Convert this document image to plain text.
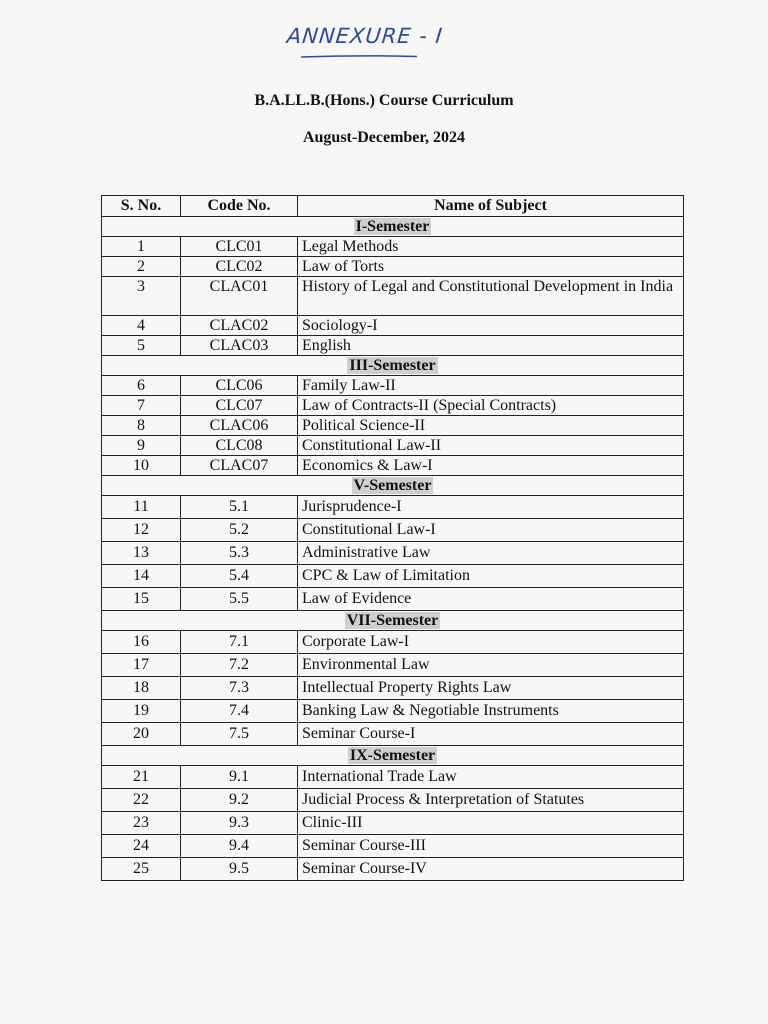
ANNEXURE - I
B.A.LL.B.(Hons.) Course Curriculum
August-December, 2024
S. No.	Code No.	Name of Subject
I-Semester		
1	CLC01	Legal Methods
2	CLC02	Law of Torts
3	CLAC01	History of Legal and Constitutional Development in India
4	CLAC02	Sociology-I
5	CLAC03	English
III-Semester		
6	CLC06	Family Law-II
7	CLC07	Law of Contracts-II (Special Contracts)
8	CLAC06	Political Science-II
9	CLC08	Constitutional Law-II
10	CLAC07	Economics & Law-I
V-Semester		
11	5.1	Jurisprudence-I
12	5.2	Constitutional Law-I
13	5.3	Administrative Law
14	5.4	CPC & Law of Limitation
15	5.5	Law of Evidence
VII-Semester		
16	7.1	Corporate Law-I
17	7.2	Environmental Law
18	7.3	Intellectual Property Rights Law
19	7.4	Banking Law & Negotiable Instruments
20	7.5	Seminar Course-I
IX-Semester		
21	9.1	International Trade Law
22	9.2	Judicial Process & Interpretation of Statutes
23	9.3	Clinic-III
24	9.4	Seminar Course-III
25	9.5	Seminar Course-IV
